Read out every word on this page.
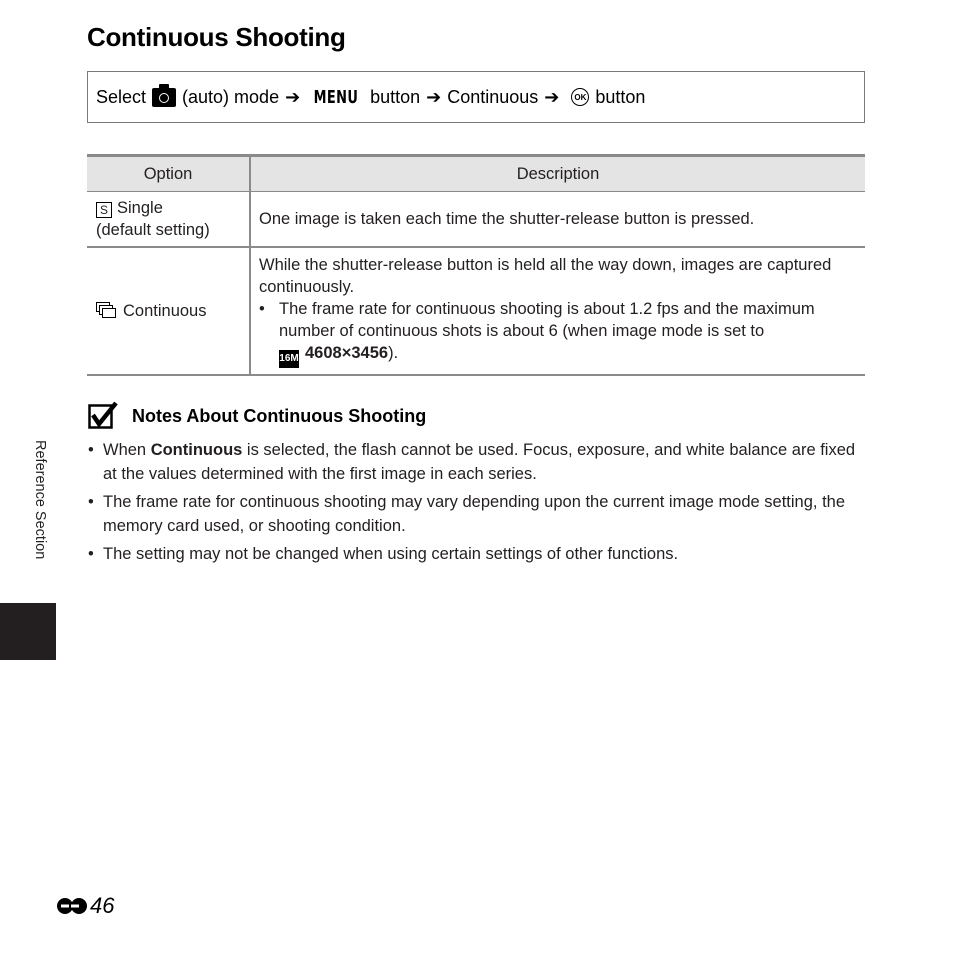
Continuous Shooting
Select (auto) mode ➔ MENU button ➔ Continuous ➔	OK button
Option	Description

S Single
(default setting)	One image is taken each time the shutter-release button is pressed.

Continuous	While the shutter-release button is held all the way down, images are captured continuously.
• The frame rate for continuous shooting is about 1.2 fps and the maximum number of continuous shots is about 6 (when image mode is set to
16M 4608×3456).
Notes About Continuous Shooting
• When Continuous is selected, the flash cannot be used. Focus, exposure, and white balance are fixed at the values determined with the first image in each series.
• The frame rate for continuous shooting may vary depending upon the current image mode setting, the memory card used, or shooting condition.
• The setting may not be changed when using certain settings of other functions.
Reference Section
46
